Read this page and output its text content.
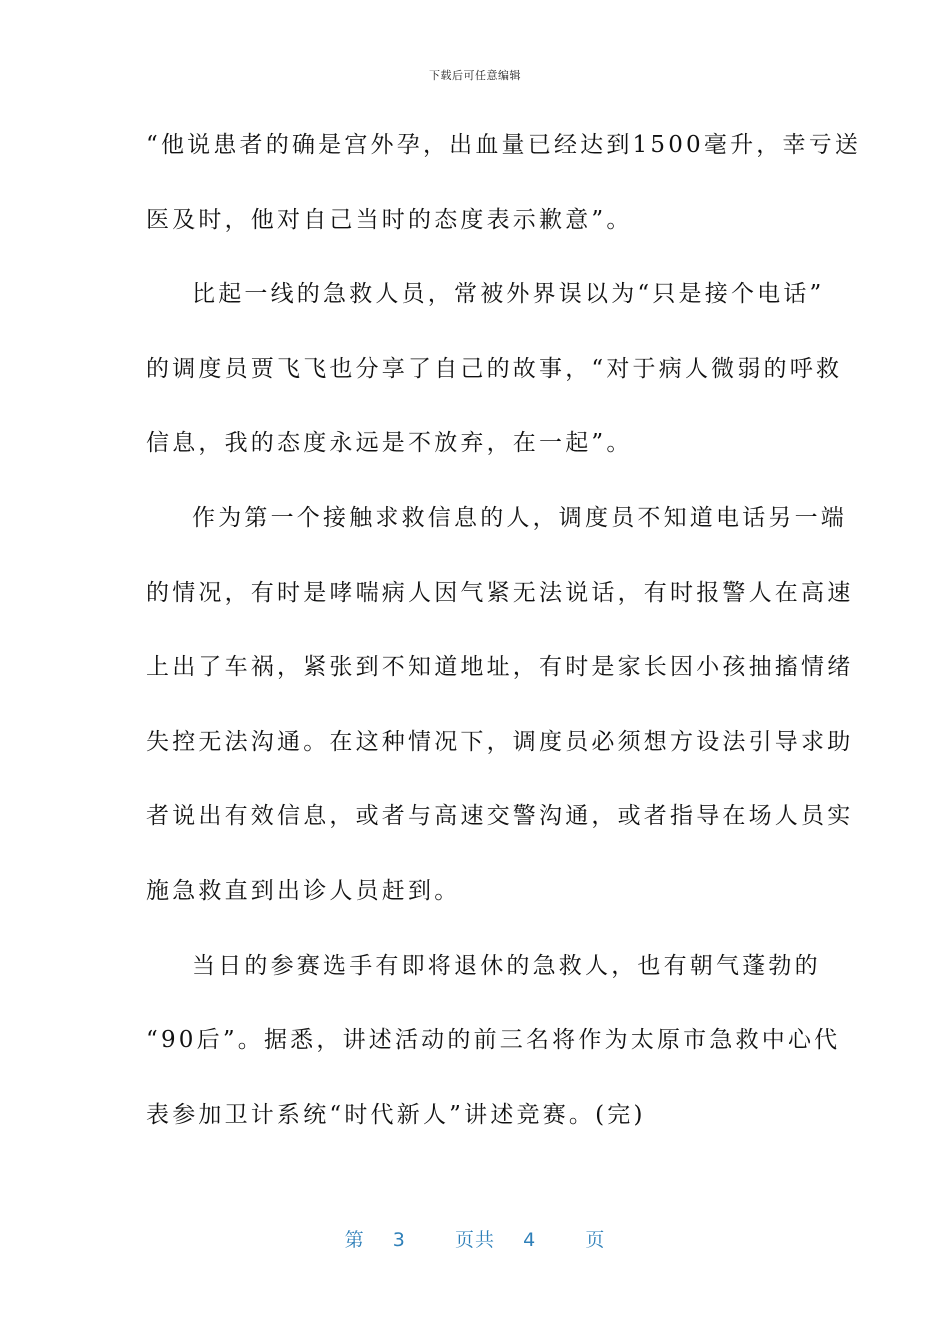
下载后可任意编辑
“他说患者的确是宫外孕，出血量已经达到1500毫升，幸亏送
医及时，他对自己当时的态度表示歉意”。
比起一线的急救人员，常被外界误以为“只是接个电话”
的调度员贾飞飞也分享了自己的故事，“对于病人微弱的呼救
信息，我的态度永远是不放弃，在一起”。
作为第一个接触求救信息的人，调度员不知道电话另一端
的情况，有时是哮喘病人因气紧无法说话，有时报警人在高速
上出了车祸，紧张到不知道地址，有时是家长因小孩抽搐情绪
失控无法沟通。在这种情况下，调度员必须想方设法引导求助
者说出有效信息，或者与高速交警沟通，或者指导在场人员实
施急救直到出诊人员赶到。
当日的参赛选手有即将退休的急救人，也有朝气蓬勃的
“90后”。据悉，讲述活动的前三名将作为太原市急救中心代
表参加卫计系统“时代新人”讲述竞赛。(完)
第 3	页共 4	页
